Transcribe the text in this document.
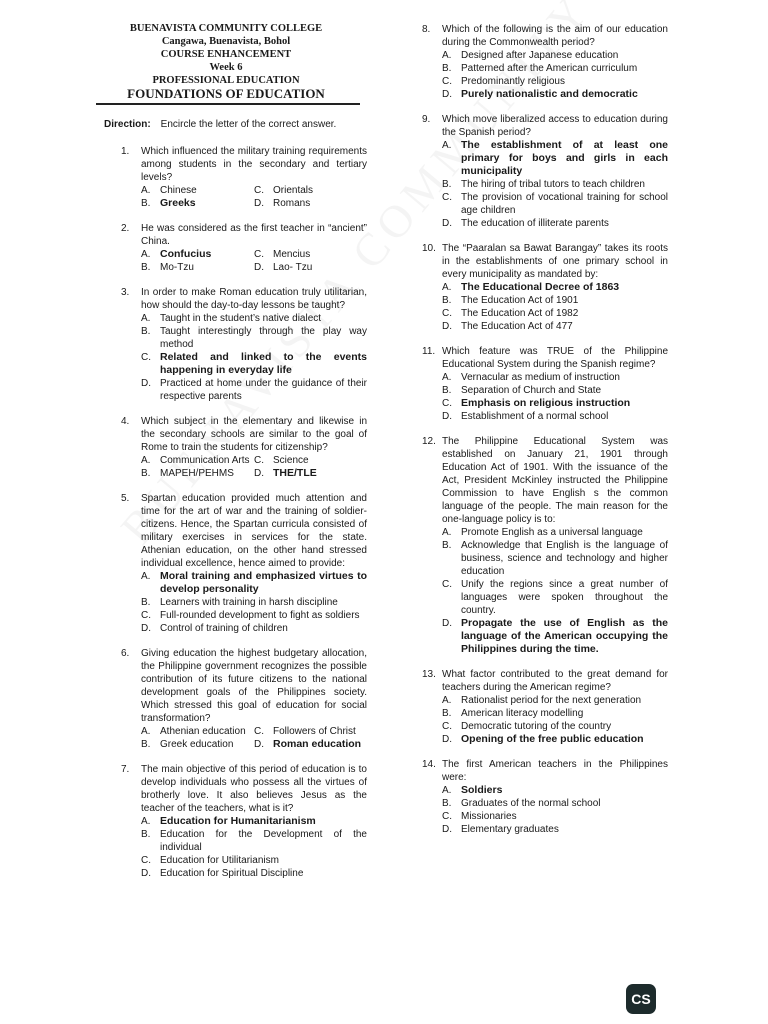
BUENAVISTA COMMUNITY COLLEGE
Cangawa, Buenavista, Bohol
COURSE ENHANCEMENT
Week 6
PROFESSIONAL EDUCATION
FOUNDATIONS OF EDUCATION
Direction: Encircle the letter of the correct answer.
1.	Which influenced the military training requirements among students in the secondary and tertiary levels?
A. Chinese	C. Orientals
B. Greeks	D. Romans
2.	He was considered as the first teacher in “ancient” China.
A. Confucius	C. Mencius
B. Mo-Tzu	D. Lao- Tzu
3.	In order to make Roman education truly utilitarian, how should the day-to-day lessons be taught?
A. Taught in the student’s native dialect
B. Taught interestingly through the play way method
C. Related and linked to the events happening in everyday life
D. Practiced at home under the guidance of their respective parents
4.	Which subject in the elementary and likewise in the secondary schools are similar to the goal of Rome to train the students for citizenship?
A. Communication Arts C. Science
B. MAPEH/PEHMS D. THE/TLE
5.	Spartan education provided much attention and time for the art of war and the training of soldier-citizens. Hence, the Spartan curricula consisted of military exercises in services for the state. Athenian education, on the other hand stressed individual excellence, hence aimed to provide:
A. Moral training and emphasized virtues to develop personality
B. Learners with training in harsh discipline
C. Full-rounded development to fight as soldiers
D. Control of training of children
6.	Giving education the highest budgetary allocation, the Philippine government recognizes the possible contribution of its future citizens to the national development goals of the Philippines society. Which stressed this goal of education for social transformation?
A. Athenian education C. Followers of Christ
B. Greek education D. Roman education
7.	The main objective of this period of education is to develop individuals who possess all the virtues of brotherly love. It also believes Jesus as the teacher of the teachers, what is it?
A. Education for Humanitarianism
B. Education for the Development of the individual
C. Education for Utilitarianism
D. Education for Spiritual Discipline
8.	Which of the following is the aim of our education during the Commonwealth period?
A. Designed after Japanese education
B. Patterned after the American curriculum
C. Predominantly religious
D. Purely nationalistic and democratic
9.	Which move liberalized access to education during the Spanish period?
A. The establishment of at least one primary for boys and girls in each municipality
B. The hiring of tribal tutors to teach children
C. The provision of vocational training for school age children
D. The education of illiterate parents
10. The “Paaralan sa Bawat Barangay” takes its roots in the establishments of one primary school in every municipality as mandated by:
A. The Educational Decree of 1863
B. The Education Act of 1901
C. The Education Act of 1982
D. The Education Act of 477
11. Which feature was TRUE of the Philippine Educational System during the Spanish regime?
A. Vernacular as medium of instruction
B. Separation of Church and State
C. Emphasis on religious instruction
D. Establishment of a normal school
12. The Philippine Educational System was established on January 21, 1901 through Education Act of 1901. With the issuance of the Act, President McKinley instructed the Philippine Commission to have English s the common language of the people. The main reason for the one-language policy is to:
A. Promote English as a universal language
B. Acknowledge that English is the language of business, science and technology and higher education
C. Unify the regions since a great number of languages were spoken throughout the country.
D. Propagate the use of English as the language of the American occupying the Philippines during the time.
13. What factor contributed to the great demand for teachers during the American regime?
A. Rationalist period for the next generation
B. American literacy modelling
C. Democratic tutoring of the country
D. Opening of the free public education
14. The first American teachers in the Philippines were:
A. Soldiers
B. Graduates of the normal school
C. Missionaries
D. Elementary graduates
CS
